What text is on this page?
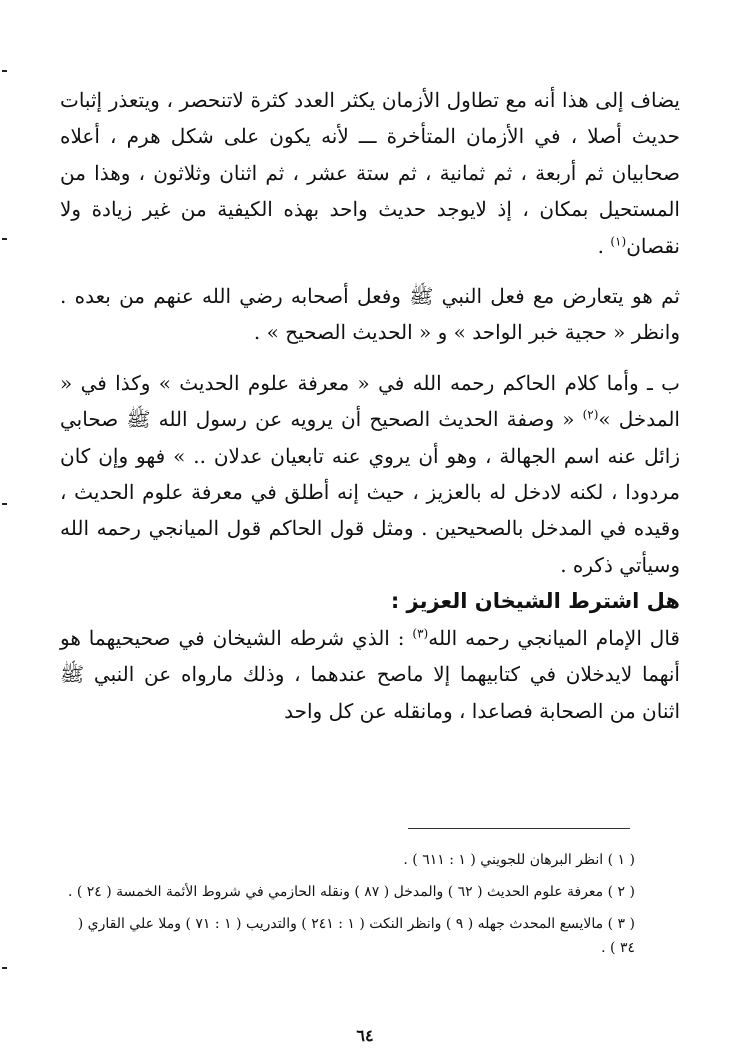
يضاف إلى هذا أنه مع تطاول الأزمان يكثر العدد كثرة لاتنحصر ، ويتعذر إثبات حديث أصلا ، في الأزمان المتأخرة ـــ لأنه يكون على شكل هرم ، أعلاه صحابيان ثم أربعة ، ثم ثمانية ، ثم ستة عشر ، ثم اثنان وثلاثون ، وهذا من المستحيل بمكان ، إذ لايوجد حديث واحد بهذه الكيفية من غير زيادة ولا نقصان$^{(١)}$ .

ثم هو يتعارض مع فعل النبي ﷺ وفعل أصحابه رضي الله عنهم من بعده . وانظر « حجية خبر الواحد » و « الحديث الصحيح » .

ب ـ وأما كلام الحاكم رحمه الله في « معرفة علوم الحديث » وكذا في « المدخل »$^{(٢)}$ « وصفة الحديث الصحيح أن يرويه عن رسول الله ﷺ صحابي زائل عنه اسم الجهالة ، وهو أن يروي عنه تابعيان عدلان .. » فهو وإن كان مردودا ، لكنه لادخل له بالعزيز ، حيث إنه أطلق في معرفة علوم الحديث ، وقيده في المدخل بالصحيحين . ومثل قول الحاكم قول الميانجي رحمه الله وسيأتي ذكره .

هل اشترط الشيخان العزيز :

قال الإمام الميانجي رحمه الله$^{(٣)}$ : الذي شرطه الشيخان في صحيحيهما هو أنهما لايدخلان في كتابيهما إلا ماصح عندهما ، وذلك مارواه عن النبي ﷺ اثنان من الصحابة فصاعدا ، ومانقله عن كل واحد

( ١ ) انظر البرهان للجويني ( ١ : ٦١١ ) .

( ٢ ) معرفة علوم الحديث ( ٦٢ ) والمدخل ( ٨٧ ) ونقله الحازمي في شروط الأئمة الخمسة ( ٢٤ ) .

( ٣ ) مالايسع المحدث جهله ( ٩ ) وانظر النكت ( ١ : ٢٤١ ) والتدريب ( ١ : ٧١ ) وملا علي القاري ( ٣٤ ) .

٦٤
